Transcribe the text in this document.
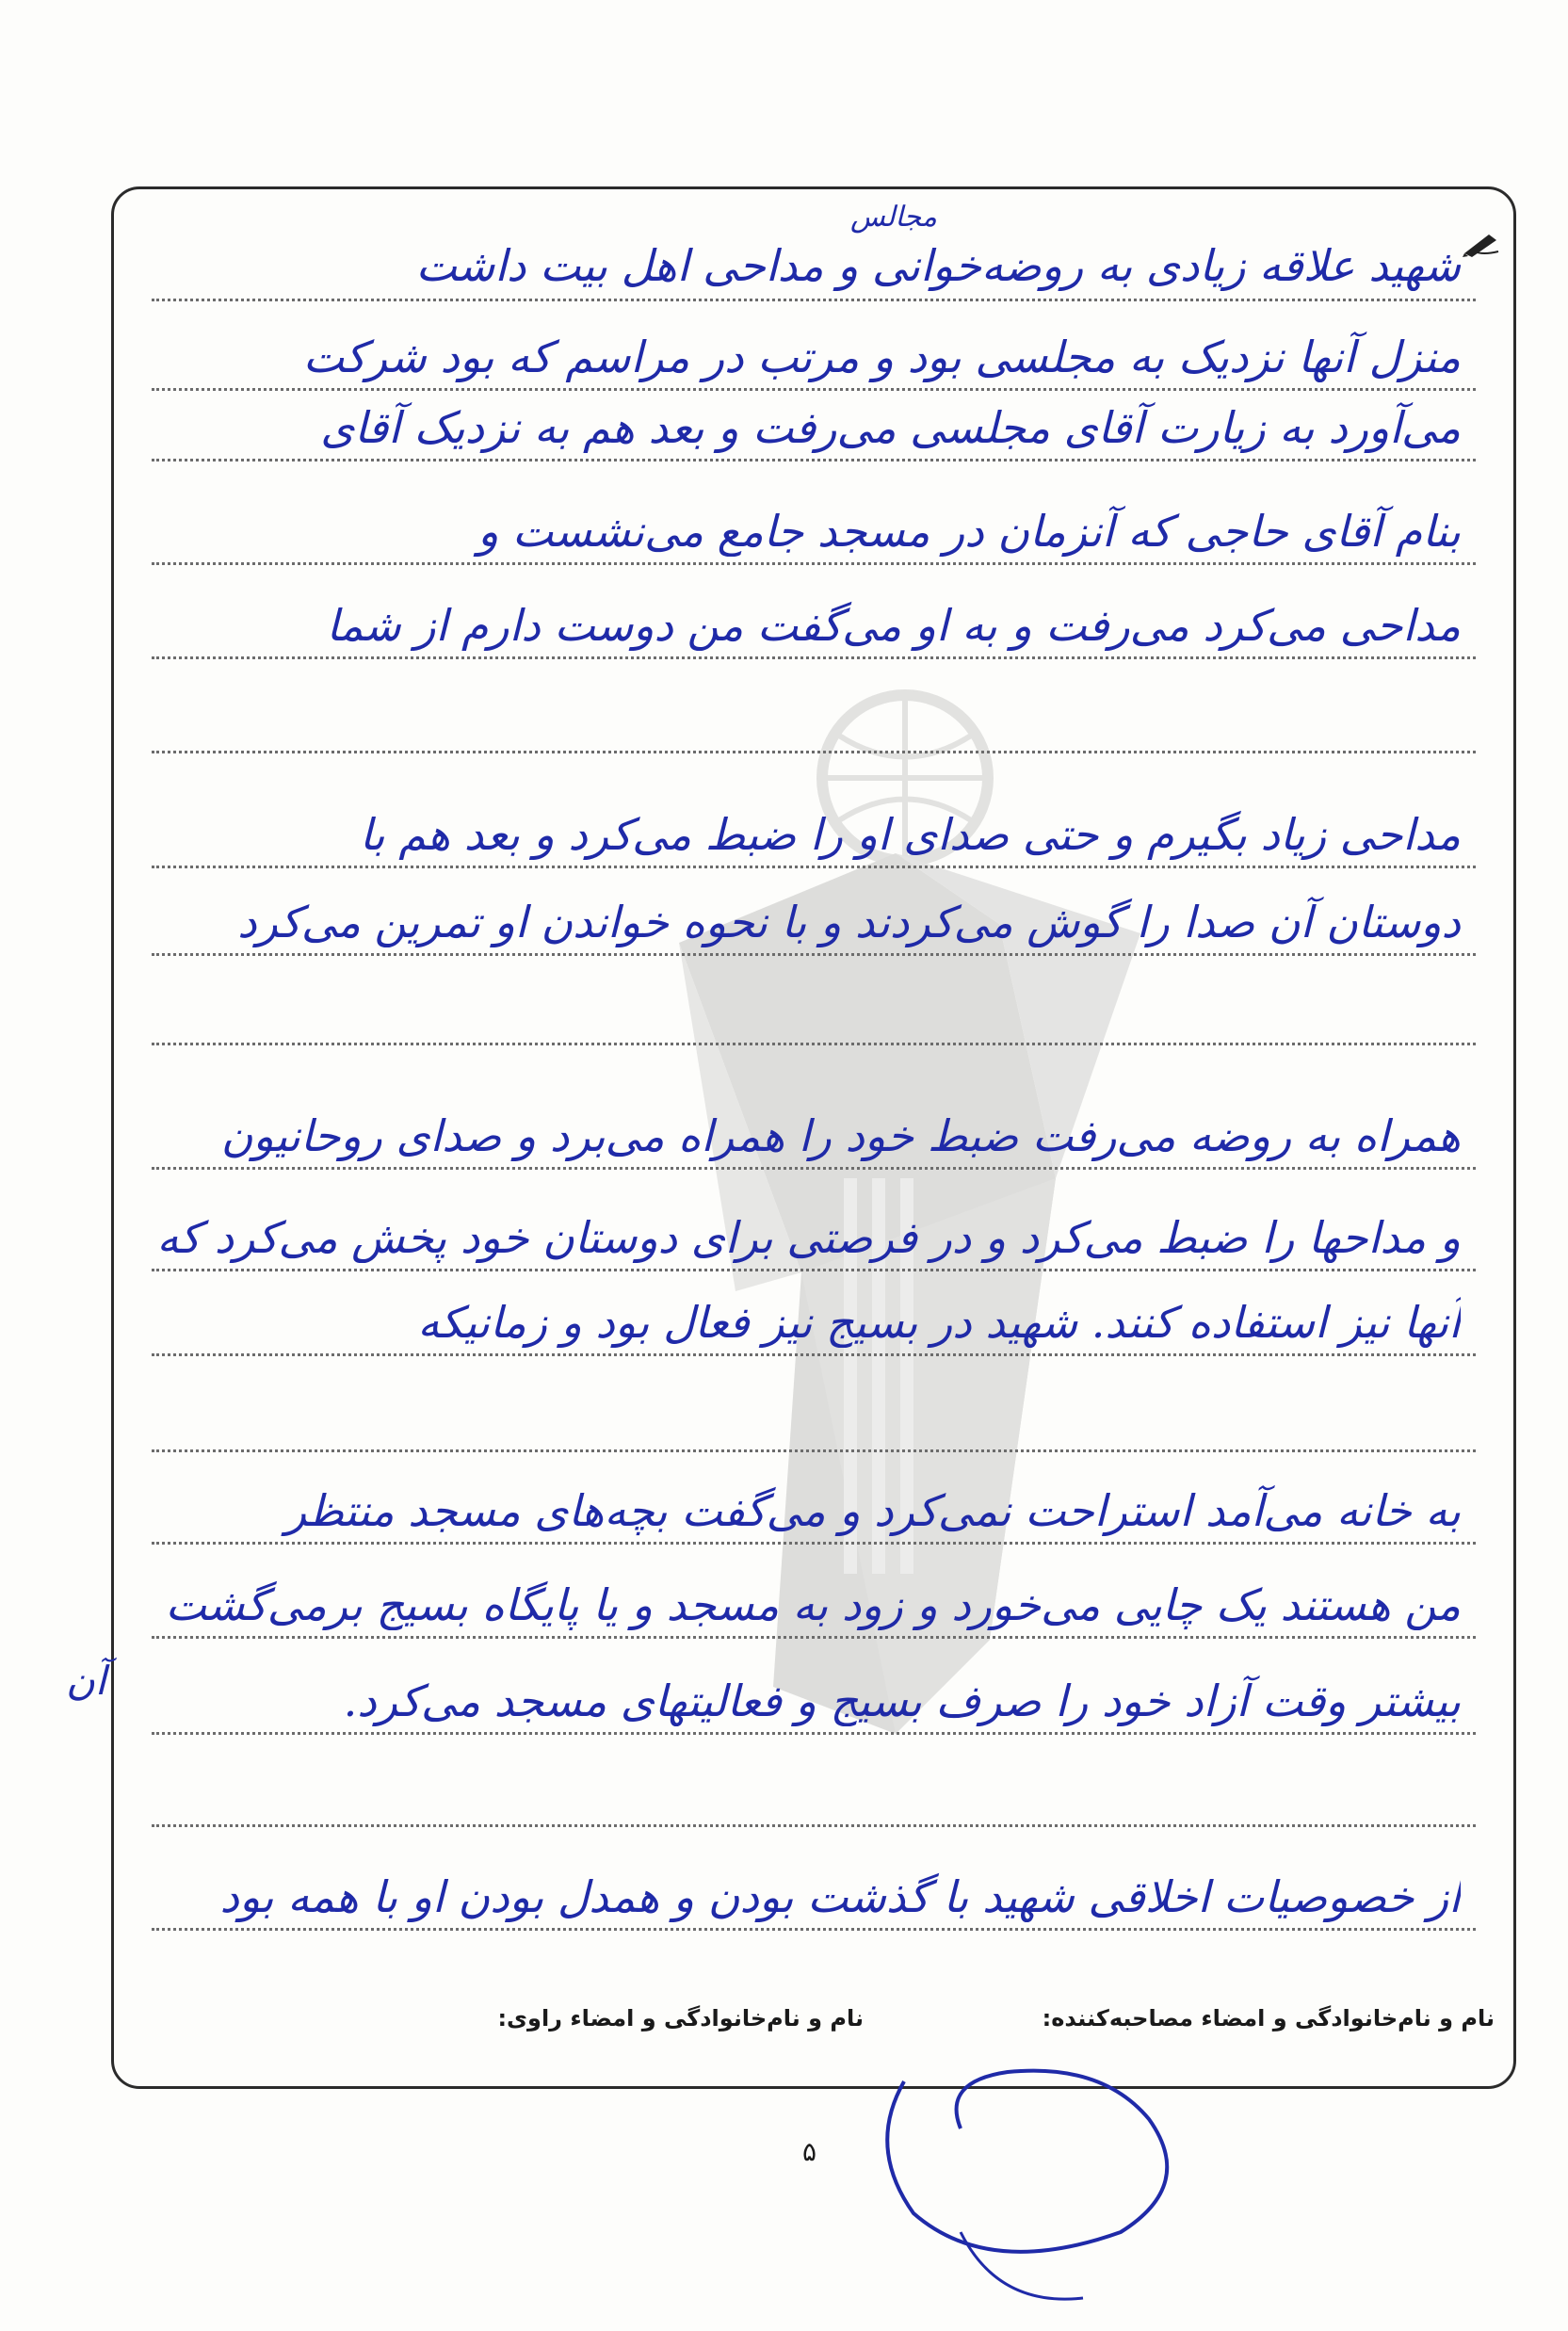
مجالس
شهید علاقه زیادی به روضه‌خوانی و مداحی اهل بیت داشت
منزل آنها نزدیک به مجلسی بود و مرتب در مراسم که بود شرکت
می‌آورد به زیارت آقای مجلسی می‌رفت و بعد هم به نزدیک آقای
بنام آقای حاجی که آنزمان در مسجد جامع می‌نشست و
مداحی می‌کرد می‌رفت و به او می‌گفت من دوست دارم از شما
مداحی زیاد بگیرم و حتی صدای او را ضبط می‌کرد و بعد هم با
دوستان آن صدا را گوش می‌کردند و با نحوه خواندن او تمرین می‌کرد
همراه به روضه می‌رفت ضبط خود را همراه می‌برد و صدای روحانیون
و مداحها را ضبط می‌کرد و در فرصتی برای دوستان خود پخش می‌کرد که
آنها نیز استفاده کنند. شهید در بسیج نیز فعال بود و زمانیکه
به خانه می‌آمد استراحت نمی‌کرد و می‌گفت بچه‌های مسجد منتظر
من هستند یک چایی می‌خورد و زود به مسجد و یا پایگاه بسیج برمی‌گشت
بیشتر وقت آزاد خود را صرف بسیج و فعالیتهای مسجد می‌کرد.
از خصوصیات اخلاقی شهید با گذشت بودن و همدل بودن او با همه بود
نام و نام‌خانوادگی و امضاء مصاحبه‌کننده:
نام و نام‌خانوادگی و امضاء راوی:
آن
۵
